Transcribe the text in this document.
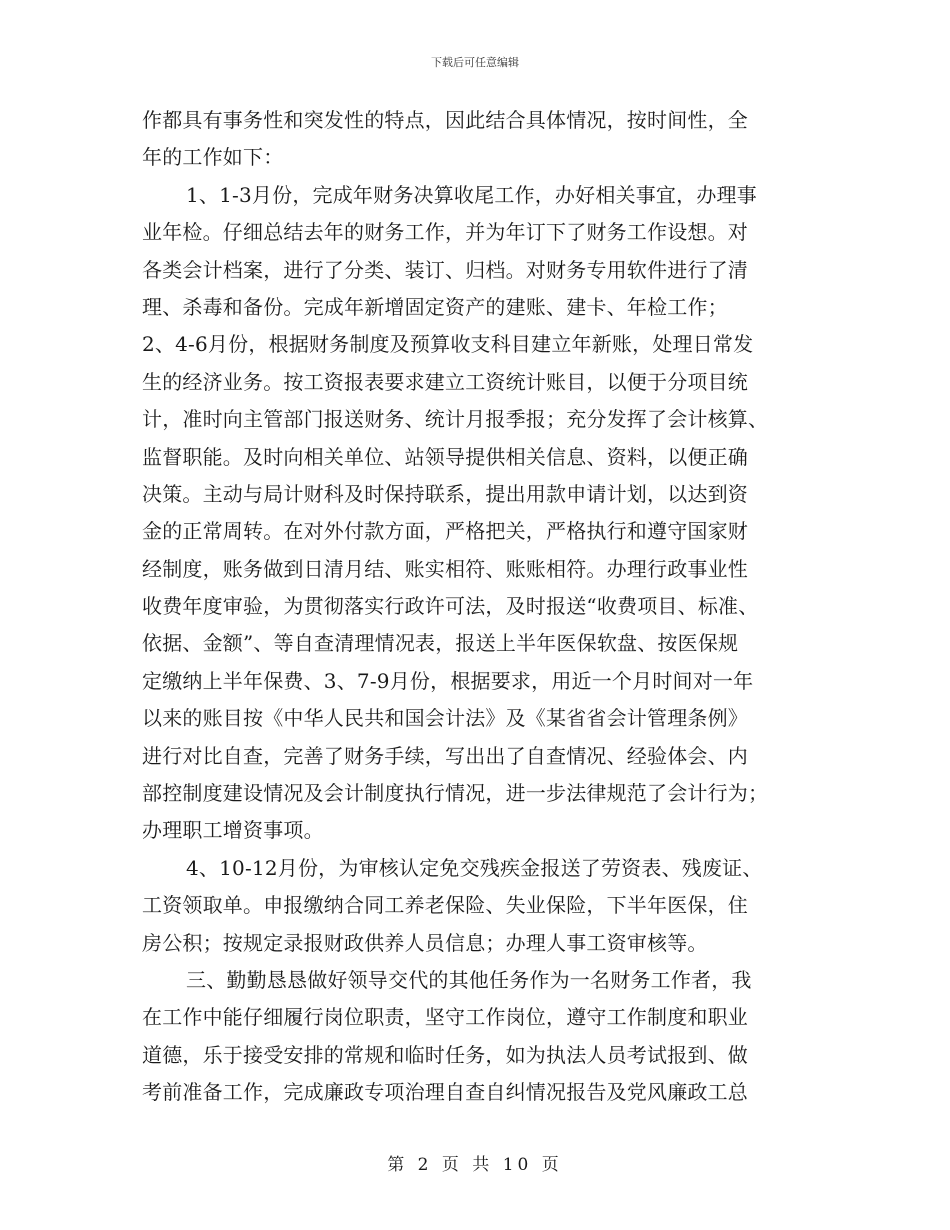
下载后可任意编辑
作都具有事务性和突发性的特点，因此结合具体情况，按时间性，全
年的工作如下：
1、1-3月份，完成年财务决算收尾工作，办好相关事宜，办理事
业年检。仔细总结去年的财务工作，并为年订下了财务工作设想。对
各类会计档案，进行了分类、装订、归档。对财务专用软件进行了清
理、杀毒和备份。完成年新增固定资产的建账、建卡、年检工作；
2、4-6月份，根据财务制度及预算收支科目建立年新账，处理日常发
生的经济业务。按工资报表要求建立工资统计账目，以便于分项目统
计，准时向主管部门报送财务、统计月报季报；充分发挥了会计核算、
监督职能。及时向相关单位、站领导提供相关信息、资料，以便正确
决策。主动与局计财科及时保持联系，提出用款申请计划，以达到资
金的正常周转。在对外付款方面，严格把关，严格执行和遵守国家财
经制度，账务做到日清月结、账实相符、账账相符。办理行政事业性
收费年度审验，为贯彻落实行政许可法，及时报送“收费项目、标准、
依据、金额”、等自查清理情况表，报送上半年医保软盘、按医保规
定缴纳上半年保费、3、7-9月份，根据要求，用近一个月时间对一年
以来的账目按《中华人民共和国会计法》及《某省省会计管理条例》
进行对比自查，完善了财务手续，写出出了自查情况、经验体会、内
部控制度建设情况及会计制度执行情况，进一步法律规范了会计行为；
办理职工增资事项。
4、10-12月份，为审核认定免交残疾金报送了劳资表、残废证、
工资领取单。申报缴纳合同工养老保险、失业保险，下半年医保，住
房公积；按规定录报财政供养人员信息；办理人事工资审核等。
三、勤勤恳恳做好领导交代的其他任务作为一名财务工作者，我
在工作中能仔细履行岗位职责，坚守工作岗位，遵守工作制度和职业
道德，乐于接受安排的常规和临时任务，如为执法人员考试报到、做
考前准备工作，完成廉政专项治理自查自纠情况报告及党风廉政工总
第 2 页 共 10 页
